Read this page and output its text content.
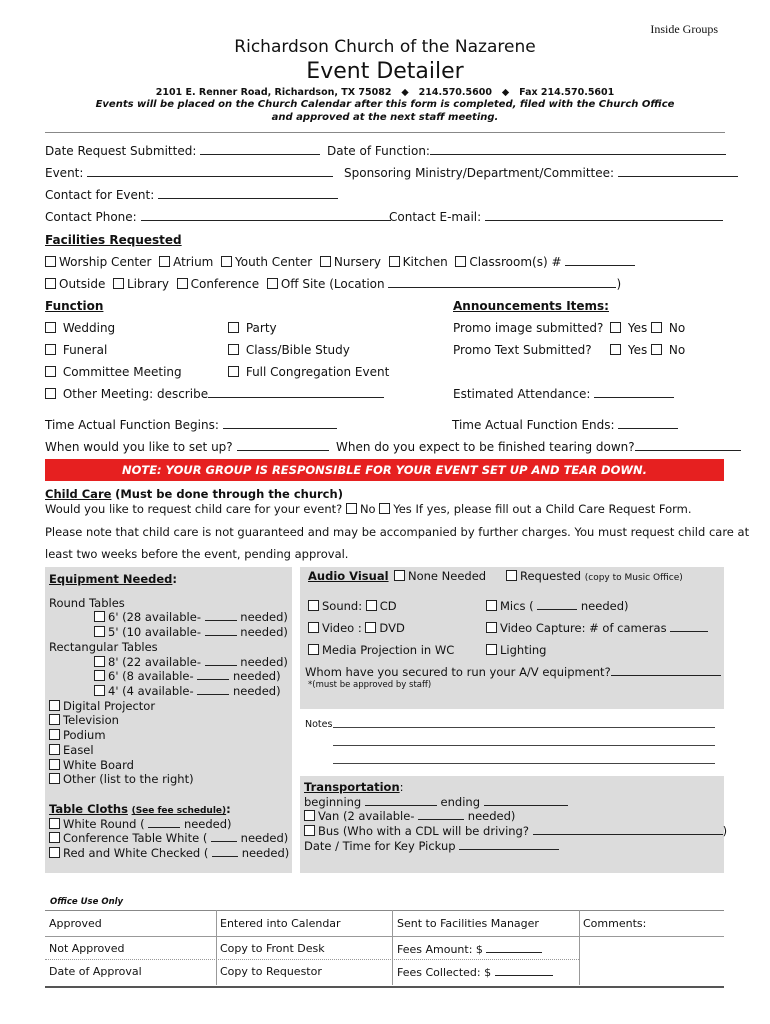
Inside Groups
Richardson Church of the Nazarene
Event Detailer
2101 E. Renner Road, Richardson, TX 75082 ◆ 214.570.5600 ◆ Fax 214.570.5601
Events will be placed on the Church Calendar after this form is completed, filed with the Church Office
and approved at the next staff meeting.
Date Request Submitted:	Date of Function:
Event:	Sponsoring Ministry/Department/Committee:
Contact for Event:
Contact Phone:	Contact E-mail:
Facilities Requested
Worship Center Atrium Youth Center Nursery Kitchen Classroom(s) #
Outside Library Conference Off Site (Location	)
Function	Announcements Items:
Wedding	Party	Promo image submitted?	Yes No
Funeral	Class/Bible Study	Promo Text Submitted?	Yes No
Committee Meeting	Full Congregation Event
Other Meeting: describe	Estimated Attendance:
Time Actual Function Begins:	Time Actual Function Ends:
When would you like to set up?	When do you expect to be finished tearing down?
NOTE: YOUR GROUP IS RESPONSIBLE FOR YOUR EVENT SET UP AND TEAR DOWN.
Child Care (Must be done through the church)
Would you like to request child care for your event? No Yes If yes, please fill out a Child Care Request Form.
Please note that child care is not guaranteed and may be accompanied by further charges. You must request child care at
least two weeks before the event, pending approval.
Equipment Needed:
Round Tables
6' (28 available-	needed)
5' (10 available-	needed)
Rectangular Tables
8' (22 available-	needed)
6' (8 available-	needed)
4' (4 available-	needed)
Digital Projector
Television
Podium
Easel
White Board
Other (list to the right)
Table Cloths (See fee schedule):
White Round (	needed)
Conference Table White (	needed)
Red and White Checked (	needed)
Audio Visual	None Needed	Requested (copy to Music Office)
Sound: CD	Mics (	needed)
Video : DVD	Video Capture: # of cameras
Media Projection in WC	Lighting
Whom have you secured to run your A/V equipment?
*(must be approved by staff)
Notes
Transportation:
beginning	ending
Van (2 available-	needed)
Bus (Who with a CDL will be driving?	)
Date / Time for Key Pickup
Office Use Only
Approved	Entered into Calendar	Sent to Facilities Manager	Comments:
Not Approved	Copy to Front Desk	Fees Amount: $
Date of Approval	Copy to Requestor	Fees Collected: $
